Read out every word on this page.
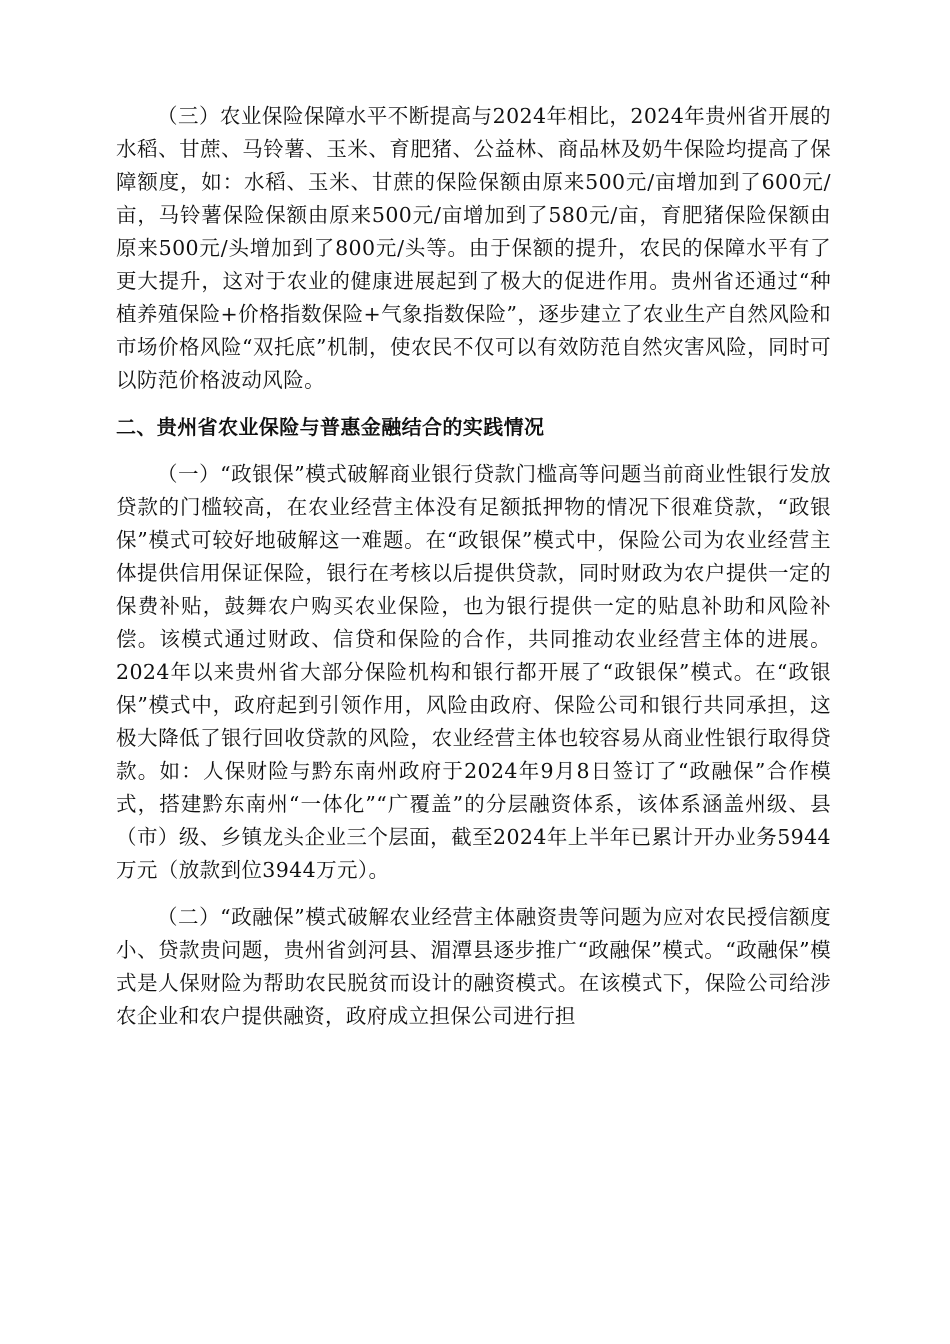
（三）农业保险保障水平不断提高与2024年相比，2024年贵州省开展的水稻、甘蔗、马铃薯、玉米、育肥猪、公益林、商品林及奶牛保险均提高了保障额度，如：水稻、玉米、甘蔗的保险保额由原来500元/亩增加到了600元/亩，马铃薯保险保额由原来500元/亩增加到了580元/亩，育肥猪保险保额由原来500元/头增加到了800元/头等。由于保额的提升，农民的保障水平有了更大提升，这对于农业的健康进展起到了极大的促进作用。贵州省还通过“种植养殖保险+价格指数保险+气象指数保险”，逐步建立了农业生产自然风险和市场价格风险“双托底”机制，使农民不仅可以有效防范自然灾害风险，同时可以防范价格波动风险。

二、贵州省农业保险与普惠金融结合的实践情况

（一）“政银保”模式破解商业银行贷款门槛高等问题当前商业性银行发放贷款的门槛较高，在农业经营主体没有足额抵押物的情况下很难贷款，“政银保”模式可较好地破解这一难题。在“政银保”模式中，保险公司为农业经营主体提供信用保证保险，银行在考核以后提供贷款，同时财政为农户提供一定的保费补贴，鼓舞农户购买农业保险，也为银行提供一定的贴息补助和风险补偿。该模式通过财政、信贷和保险的合作，共同推动农业经营主体的进展。2024年以来贵州省大部分保险机构和银行都开展了“政银保”模式。在“政银保”模式中，政府起到引领作用，风险由政府、保险公司和银行共同承担，这极大降低了银行回收贷款的风险，农业经营主体也较容易从商业性银行取得贷款。如：人保财险与黔东南州政府于2024年9月8日签订了“政融保”合作模式，搭建黔东南州“一体化”“广覆盖”的分层融资体系，该体系涵盖州级、县（市）级、乡镇龙头企业三个层面，截至2024年上半年已累计开办业务5944万元（放款到位3944万元）。

（二）“政融保”模式破解农业经营主体融资贵等问题为应对农民授信额度小、贷款贵问题，贵州省剑河县、湄潭县逐步推广“政融保”模式。“政融保”模式是人保财险为帮助农民脱贫而设计的融资模式。在该模式下，保险公司给涉农企业和农户提供融资，政府成立担保公司进行担
